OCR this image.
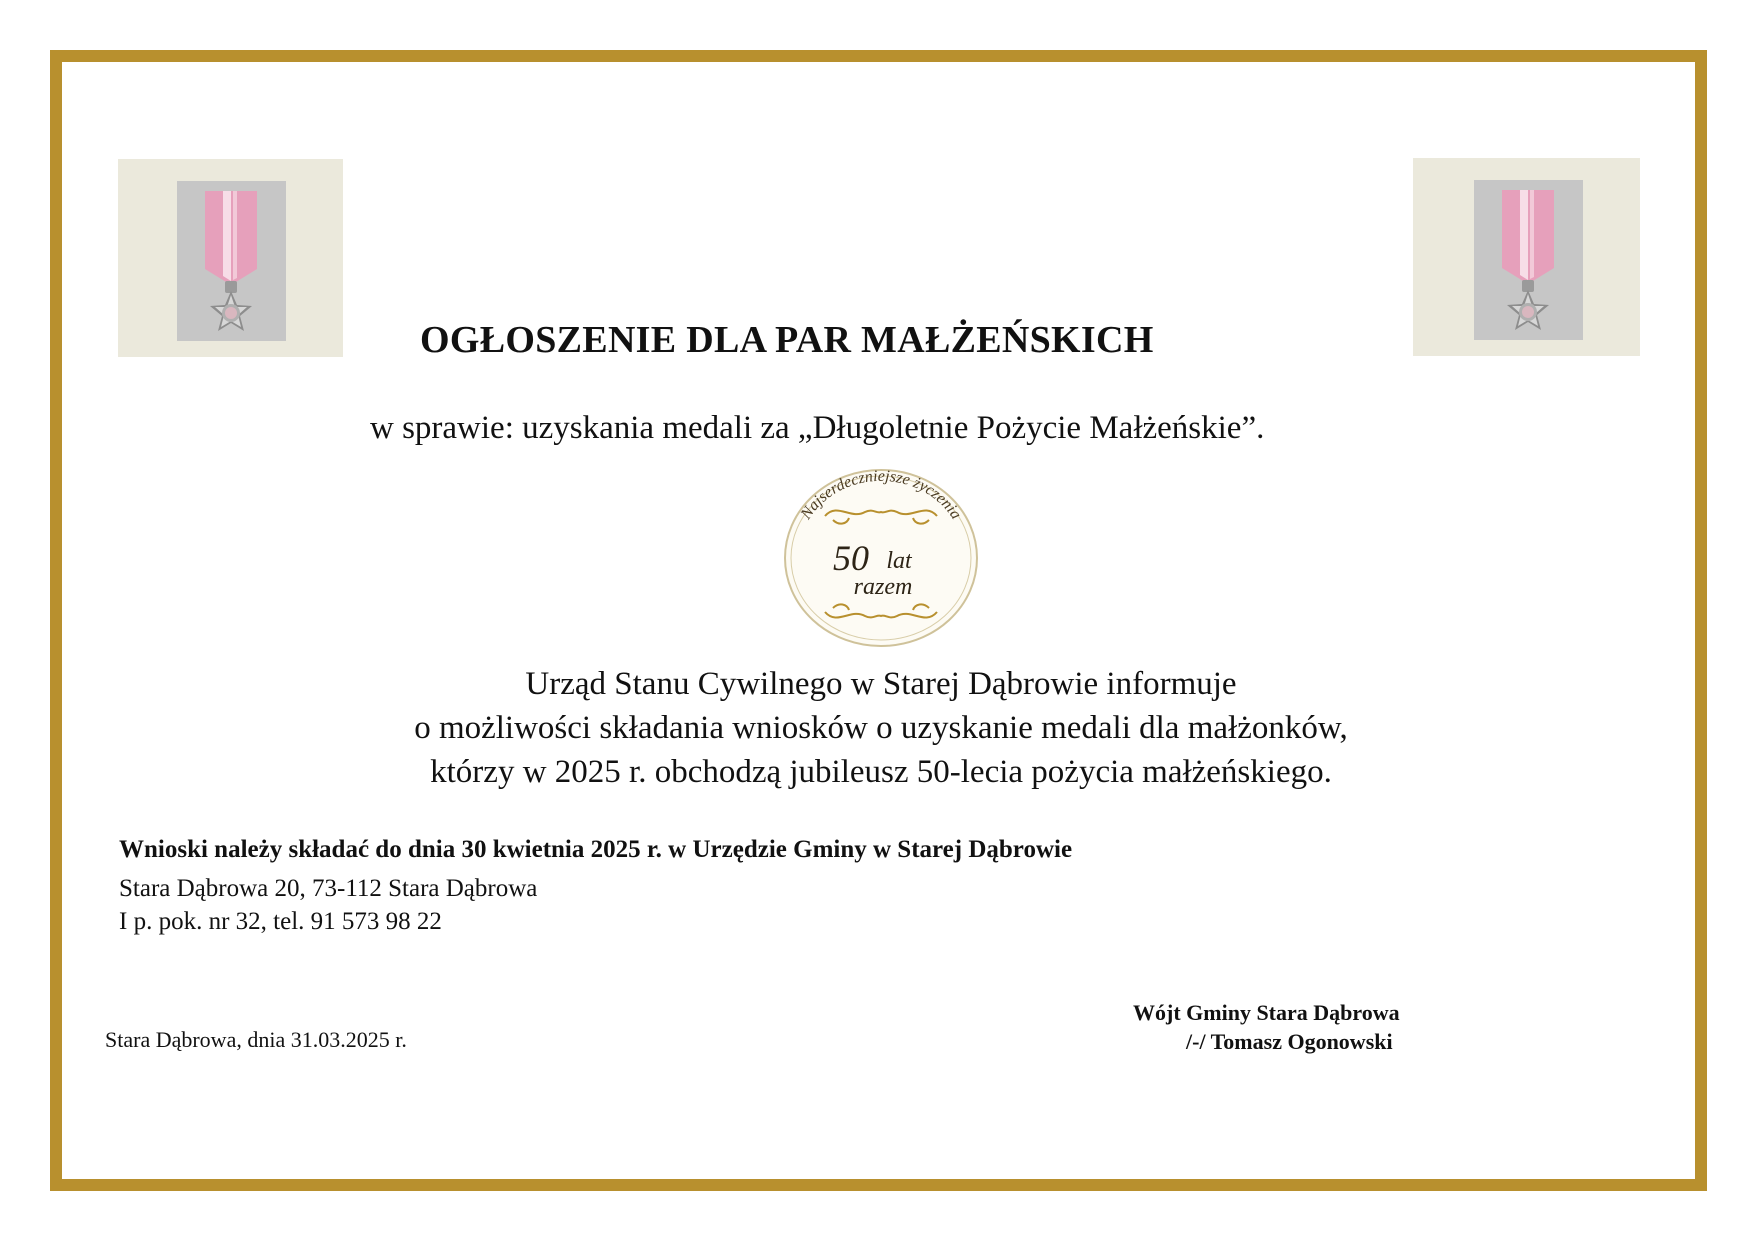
OGŁOSZENIE DLA PAR MAŁŻEŃSKICH
w sprawie: uzyskania medali za „Długoletnie Pożycie Małżeńskie”.
Najserdeczniejsze życzenia
50 lat
razem
Urząd Stanu Cywilnego w Starej Dąbrowie informuje
o możliwości składania wniosków o uzyskanie medali dla małżonków,
którzy w 2025 r. obchodzą jubileusz 50-lecia pożycia małżeńskiego.
Wnioski należy składać do dnia 30 kwietnia 2025 r. w Urzędzie Gminy w Starej Dąbrowie
Stara Dąbrowa 20, 73-112 Stara Dąbrowa
I p. pok. nr 32, tel. 91 573 98 22
Stara Dąbrowa, dnia 31.03.2025 r.
Wójt Gminy Stara Dąbrowa
/-/ Tomasz Ogonowski
